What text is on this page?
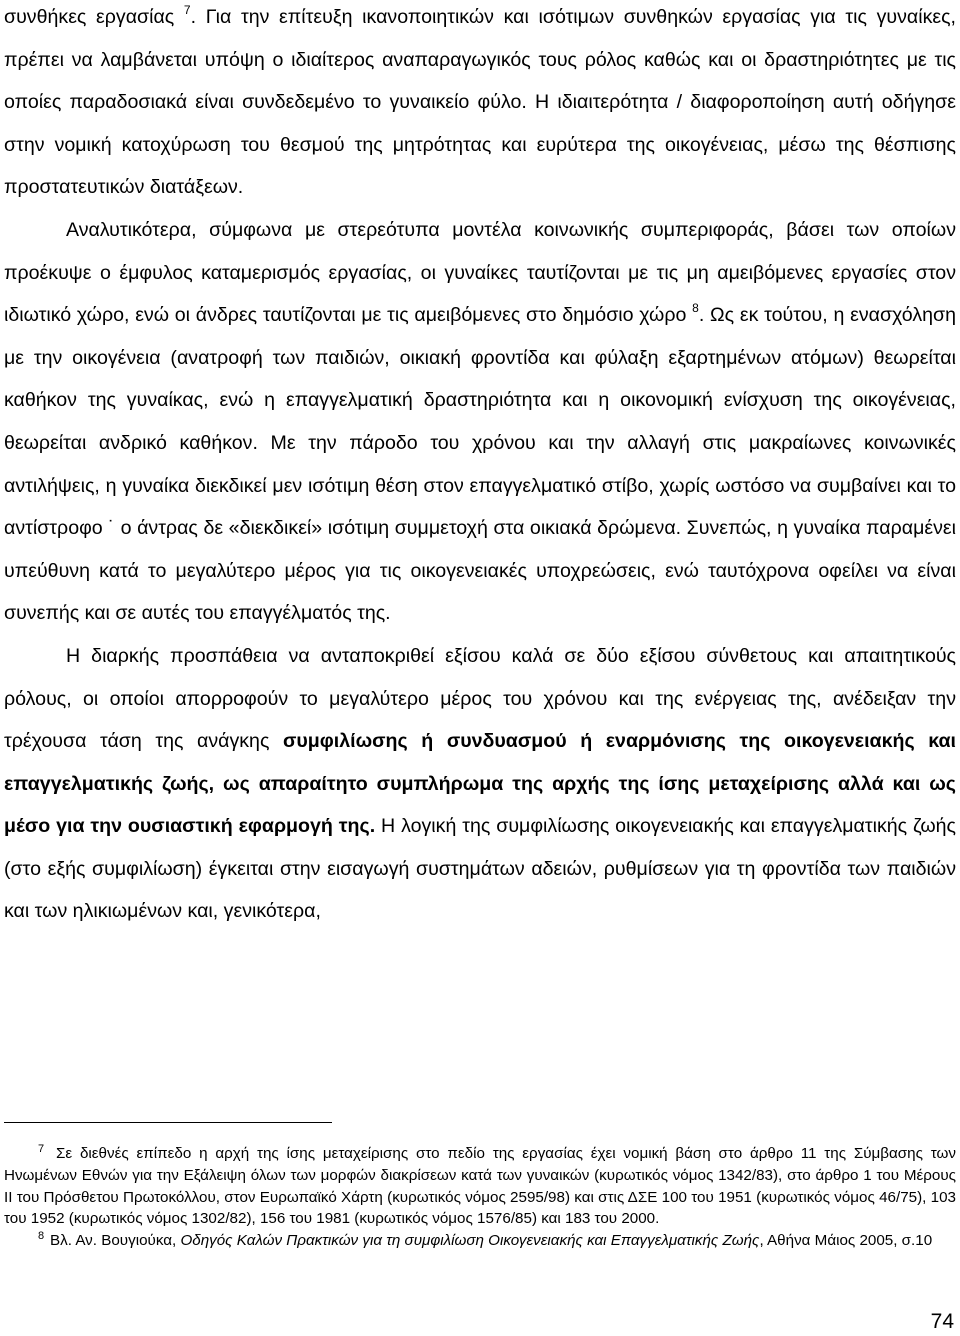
συνθήκες εργασίας $^7$. Για την επίτευξη ικανοποιητικών και ισότιμων συνθηκών εργασίας για τις γυναίκες, πρέπει να λαμβάνεται υπόψη ο ιδιαίτερος αναπαραγωγικός τους ρόλος καθώς και οι δραστηριότητες με τις οποίες παραδοσιακά είναι συνδεδεμένο το γυναικείο φύλο. Η ιδιαιτερότητα / διαφοροποίηση αυτή οδήγησε στην νομική κατοχύρωση του θεσμού της μητρότητας και ευρύτερα της οικογένειας, μέσω της θέσπισης προστατευτικών διατάξεων.

Αναλυτικότερα, σύμφωνα με στερεότυπα μοντέλα κοινωνικής συμπεριφοράς, βάσει των οποίων προέκυψε ο έμφυλος καταμερισμός εργασίας, οι γυναίκες ταυτίζονται με τις μη αμειβόμενες εργασίες στον ιδιωτικό χώρο, ενώ οι άνδρες ταυτίζονται με τις αμειβόμενες στο δημόσιο χώρο $^8$. Ως εκ τούτου, η ενασχόληση με την οικογένεια (ανατροφή των παιδιών, οικιακή φροντίδα και φύλαξη εξαρτημένων ατόμων) θεωρείται καθήκον της γυναίκας, ενώ η επαγγελματική δραστηριότητα και η οικονομική ενίσχυση της οικογένειας, θεωρείται ανδρικό καθήκον. Με την πάροδο του χρόνου και την αλλαγή στις μακραίωνες κοινωνικές αντιλήψεις, η γυναίκα διεκδικεί μεν ισότιμη θέση στον επαγγελματικό στίβο, χωρίς ωστόσο να συμβαίνει και το αντίστροφο ˙ ο άντρας δε «διεκδικεί» ισότιμη συμμετοχή στα οικιακά δρώμενα. Συνεπώς, η γυναίκα παραμένει υπεύθυνη κατά το μεγαλύτερο μέρος για τις οικογενειακές υποχρεώσεις, ενώ ταυτόχρονα οφείλει να είναι συνεπής και σε αυτές του επαγγέλματός της.

Η διαρκής προσπάθεια να ανταποκριθεί εξίσου καλά σε δύο εξίσου σύνθετους και απαιτητικούς ρόλους, οι οποίοι απορροφούν το μεγαλύτερο μέρος του χρόνου και της ενέργειας της, ανέδειξαν την τρέχουσα τάση της ανάγκης συμφιλίωσης ή συνδυασμού ή εναρμόνισης της οικογενειακής και επαγγελματικής ζωής, ως απαραίτητο συμπλήρωμα της αρχής της ίσης μεταχείρισης αλλά και ως μέσο για την ουσιαστική εφαρμογή της. Η λογική της συμφιλίωσης οικογενειακής και επαγγελματικής ζωής (στο εξής συμφιλίωση) έγκειται στην εισαγωγή συστημάτων αδειών, ρυθμίσεων για τη φροντίδα των παιδιών και των ηλικιωμένων και, γενικότερα,

7 Σε διεθνές επίπεδο η αρχή της ίσης μεταχείρισης στο πεδίο της εργασίας έχει νομική βάση στο άρθρο 11 της Σύμβασης των Ηνωμένων Εθνών για την Εξάλειψη όλων των μορφών διακρίσεων κατά των γυναικών (κυρωτικός νόμος 1342/83), στο άρθρο 1 του Μέρους ΙΙ του Πρόσθετου Πρωτοκόλλου, στον Ευρωπαϊκό Χάρτη (κυρωτικός νόμος 2595/98) και στις ΔΣΕ 100 του 1951 (κυρωτικός νόμος 46/75), 103 του 1952 (κυρωτικός νόμος 1302/82), 156 του 1981 (κυρωτικός νόμος 1576/85) και 183 του 2000.

8 Βλ. Αν. Βουγιούκα, Οδηγός Καλών Πρακτικών για τη συμφιλίωση Οικογενειακής και Επαγγελματικής Ζωής, Αθήνα Μάιος 2005, σ.10

74
